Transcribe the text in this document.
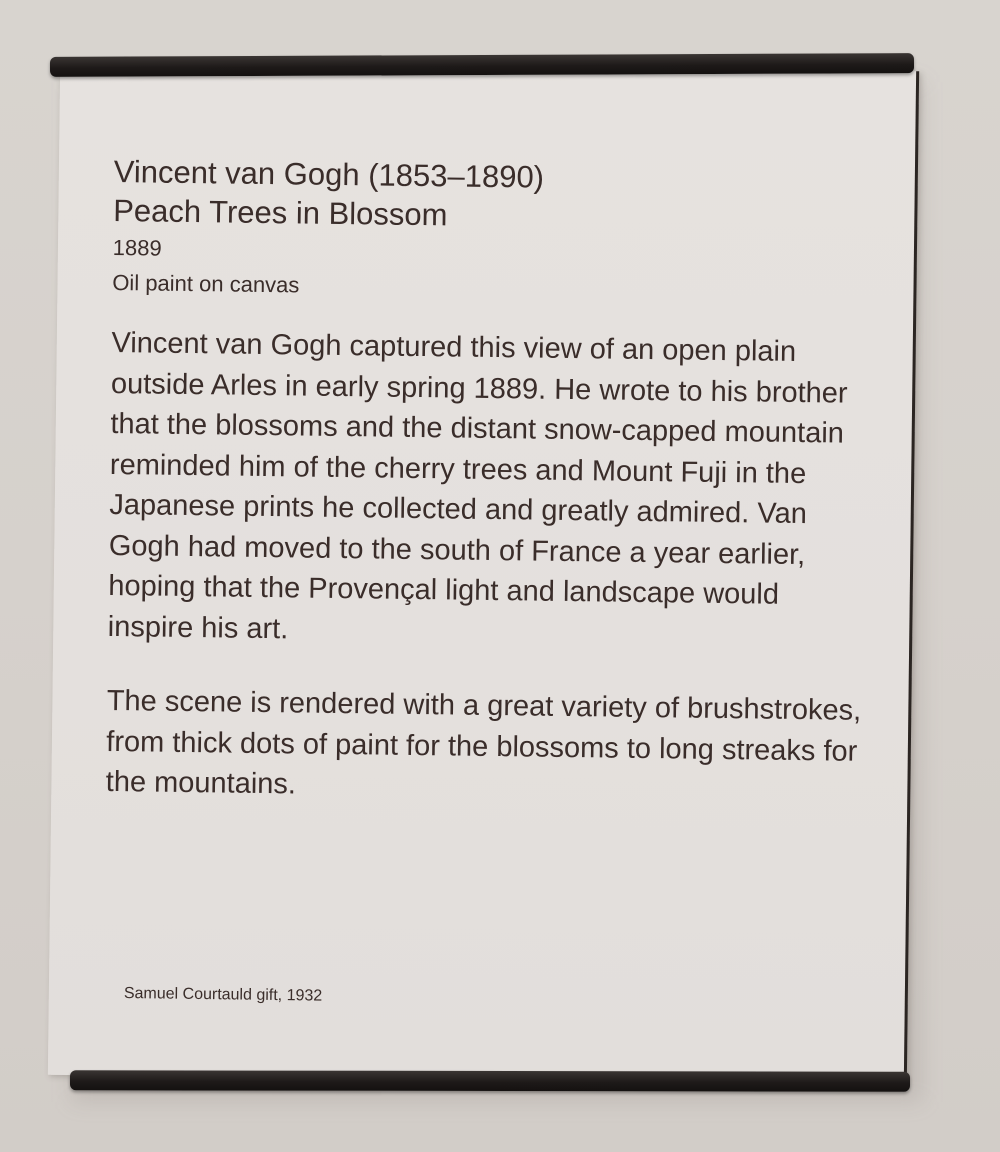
Vincent van Gogh (1853–1890)

Peach Trees in Blossom

1889

Oil paint on canvas

Vincent van Gogh captured this view of an open plain outside Arles in early spring 1889. He wrote to his brother that the blossoms and the distant snow-capped mountain reminded him of the cherry trees and Mount Fuji in the Japanese prints he collected and greatly admired. Van Gogh had moved to the south of France a year earlier, hoping that the Provençal light and landscape would inspire his art.

The scene is rendered with a great variety of brushstrokes, from thick dots of paint for the blossoms to long streaks for the mountains.

Samuel Courtauld gift, 1932
